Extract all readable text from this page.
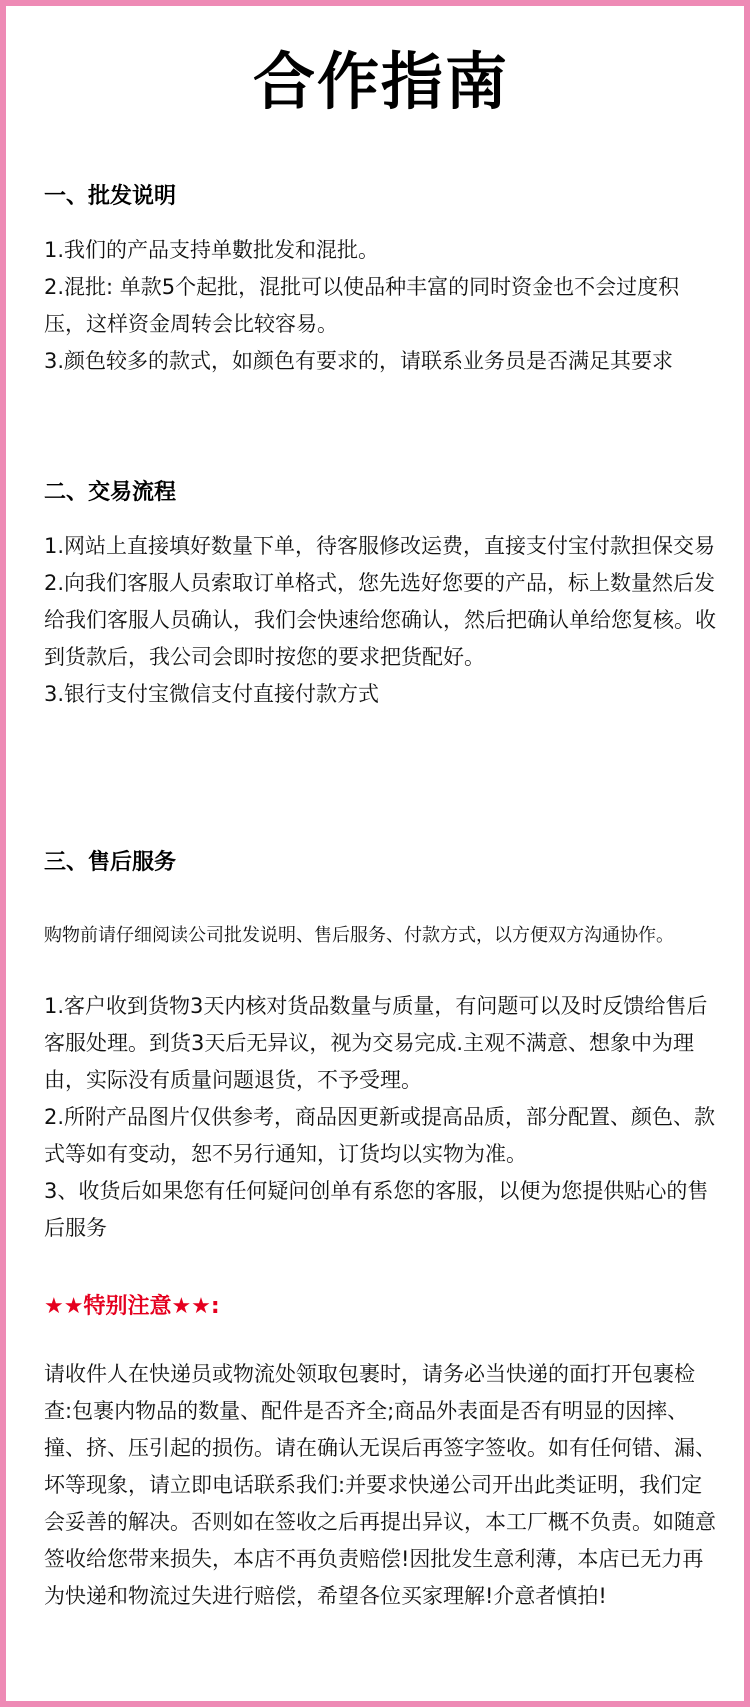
合作指南
一、批发说明

1.我们的产品支持单數批发和混批。

2.混批: 单款5个起批，混批可以使品种丰富的同时资金也不会过度积压，这样资金周转会比较容易。

3.颜色较多的款式，如颜色有要求的，请联系业务员是否满足其要求

二、交易流程

1.网站上直接填好数量下单，待客服修改运费，直接支付宝付款担保交易

2.向我们客服人员索取订单格式，您先选好您要的产品，标上数量然后发给我们客服人员确认，我们会快速给您确认，然后把确认单给您复核。收到货款后，我公司会即时按您的要求把货配好。

3.银行支付宝微信支付直接付款方式

三、售后服务

购物前请仔细阅读公司批发说明、售后服务、付款方式，以方便双方沟通协作。

1.客户收到货物3天内核对货品数量与质量，有问题可以及时反馈给售后客服处理。到货3天后无异议，视为交易完成.主观不满意、想象中为理由，实际没有质量问题退货，不予受理。

2.所附产品图片仅供参考，商品因更新或提高品质，部分配置、颜色、款式等如有变动，恕不另行通知，订货均以实物为准。

3、收货后如果您有任何疑问创单有系您的客服，以便为您提供贴心的售后服务

★★特别注意★★:

请收件人在快递员或物流处领取包裹时，请务必当快递的面打开包裹检查:包裹内物品的数量、配件是否齐全;商品外表面是否有明显的因摔、撞、挤、压引起的损伤。请在确认无误后再签字签收。如有任何错、漏、坏等现象，请立即电话联系我们:并要求快递公司开出此类证明，我们定会妥善的解决。否则如在签收之后再提出异议，本工厂概不负责。如随意签收给您带来损失，本店不再负责赔偿!因批发生意利薄，本店已无力再为快递和物流过失进行赔偿，希望各位买家理解!介意者慎拍!
